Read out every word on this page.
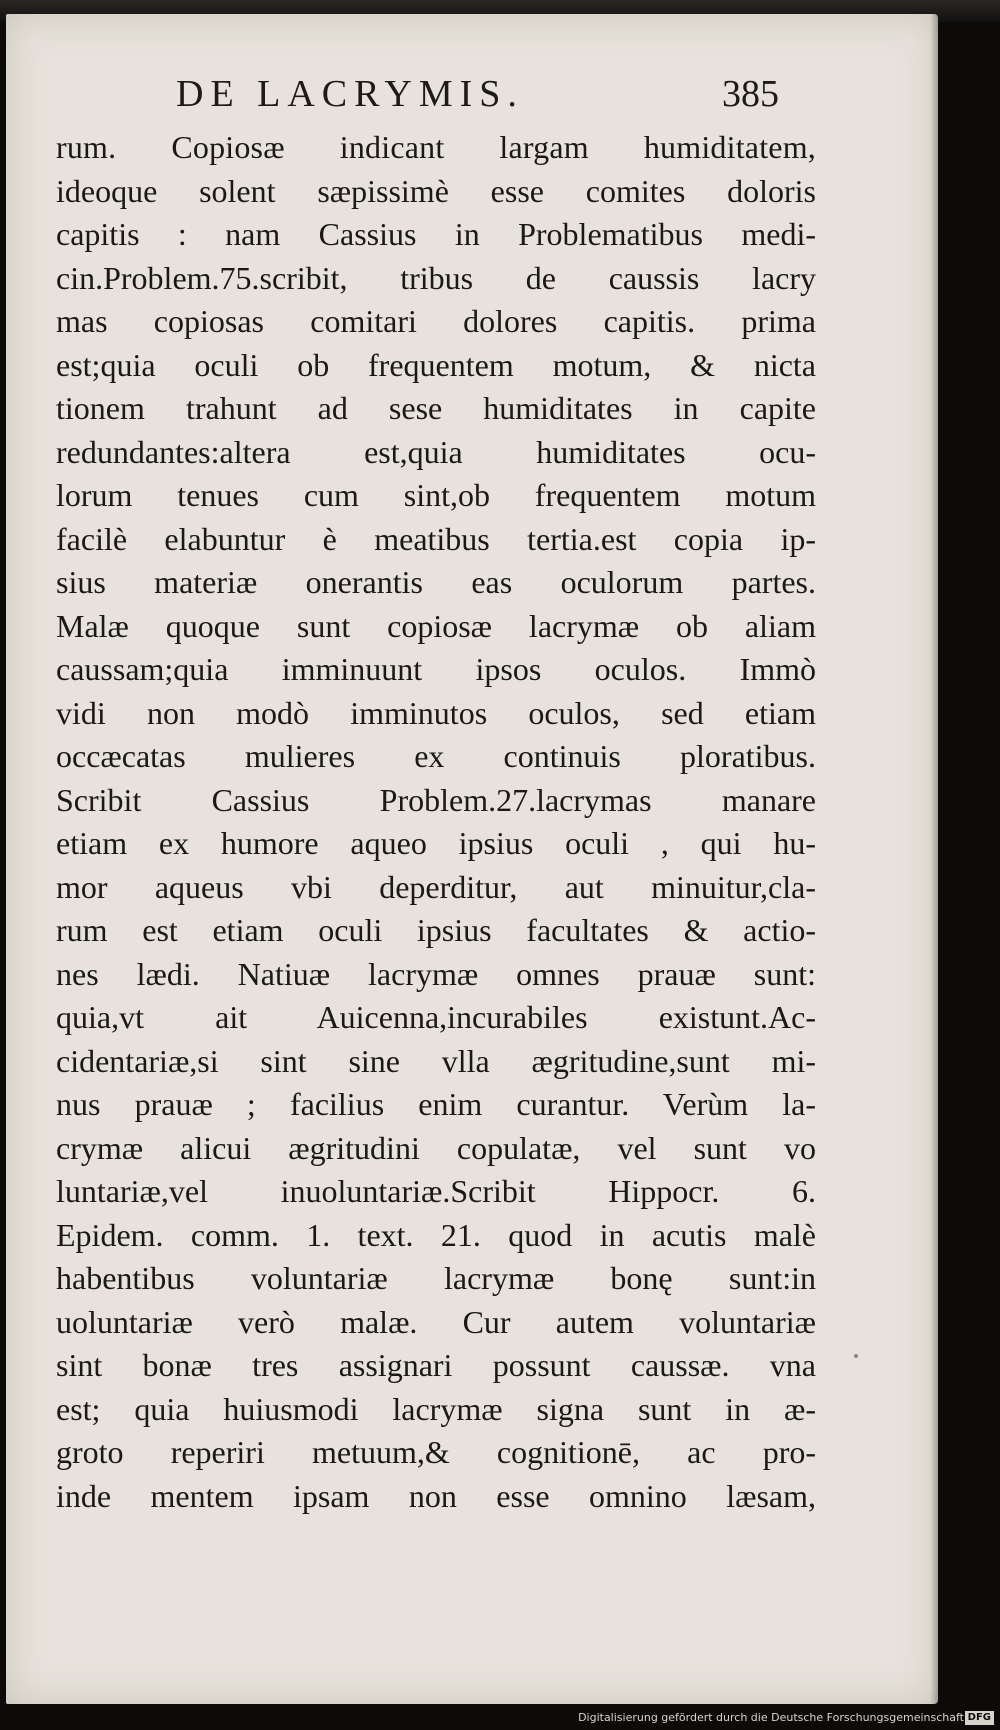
DE LACRYMIS.	385
rum. Copiosæ indicant largam humiditatem,
ideoque solent sæpissimè esse comites doloris
capitis : nam Cassius in Problematibus medi-
cin.Problem.75.scribit, tribus de caussis lacry
mas copiosas comitari dolores capitis. prima
est;quia oculi ob frequentem motum, & nicta
tionem trahunt ad sese humiditates in capite
redundantes:altera est,quia humiditates ocu-
lorum tenues cum sint,ob frequentem motum
facilè elabuntur è meatibus tertia.est copia ip-
sius materiæ onerantis eas oculorum partes.
Malæ quoque sunt copiosæ lacrymæ ob aliam
caussam;quia imminuunt ipsos oculos. Immò
vidi non modò imminutos oculos, sed etiam
occæcatas mulieres ex continuis ploratibus.
Scribit Cassius Problem.27.lacrymas manare
etiam ex humore aqueo ipsius oculi , qui hu-
mor aqueus vbi deperditur, aut minuitur,cla-
rum est etiam oculi ipsius facultates & actio-
nes lædi. Natiuæ lacrymæ omnes prauæ sunt:
quia,vt ait Auicenna,incurabiles existunt.Ac-
cidentariæ,si sint sine vlla ægritudine,sunt mi-
nus prauæ ; facilius enim curantur. Verùm la-
crymæ alicui ægritudini copulatæ, vel sunt vo
luntariæ,vel inuoluntariæ.Scribit Hippocr. 6.
Epidem. comm. 1. text. 21. quod in acutis malè
habentibus voluntariæ lacrymæ bonę sunt:in
uoluntariæ verò malæ. Cur autem voluntariæ
sint bonæ tres assignari possunt caussæ. vna
est; quia huiusmodi lacrymæ signa sunt in æ-
groto reperiri metuum,& cognitionē, ac pro-
inde mentem ipsam non esse omnino læsam,
Digitalisierung gefördert durch die Deutsche Forschungsgemeinschaft DFG
